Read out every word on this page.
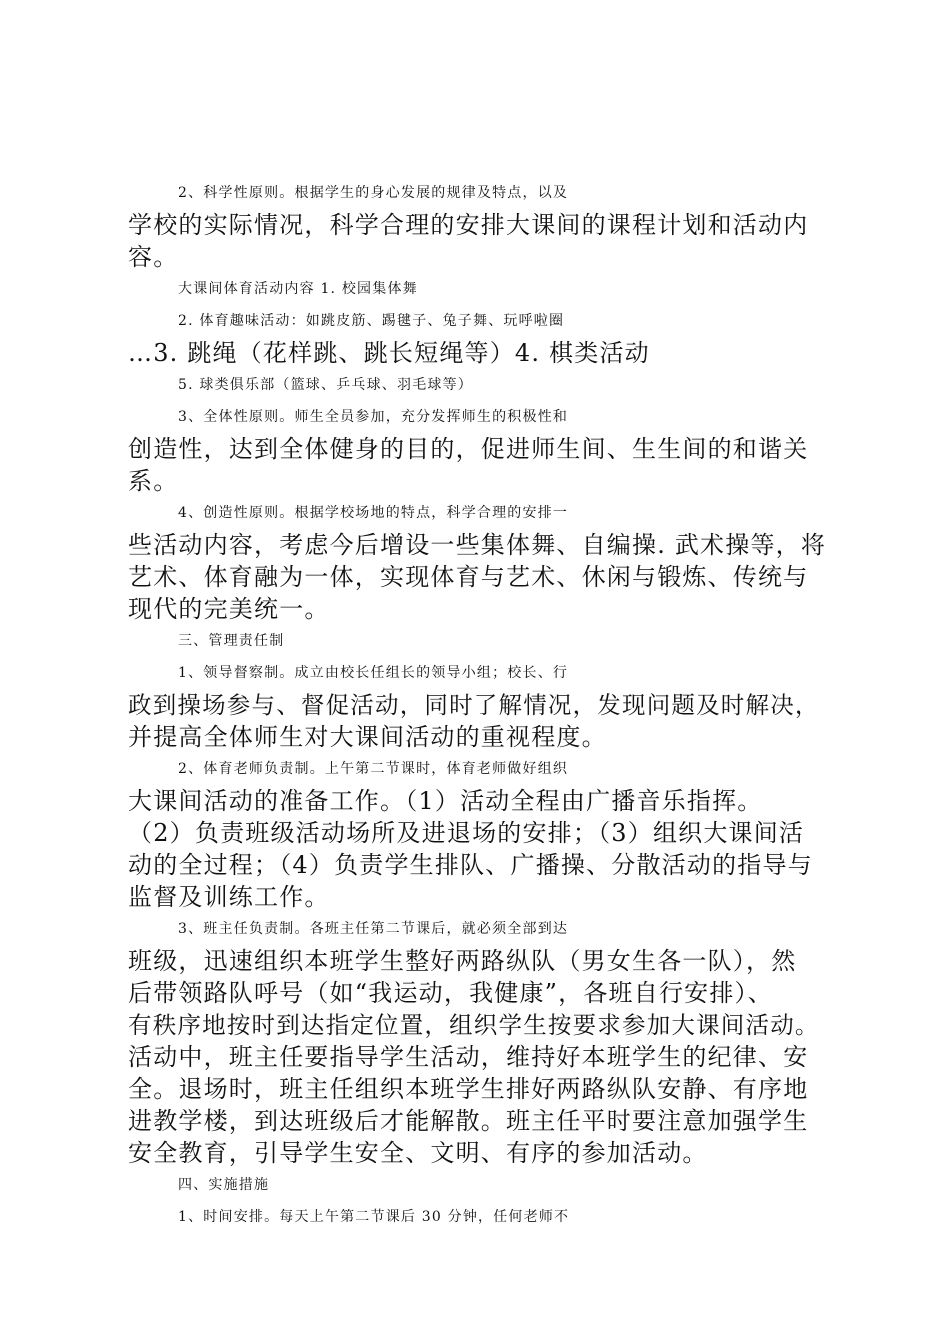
2、科学性原则。根据学生的身心发展的规律及特点，以及
学校的实际情况，科学合理的安排大课间的课程计划和活动内
容。
大课间体育活动内容 1. 校园集体舞
2. 体育趣味活动：如跳皮筋、踢毽子、兔子舞、玩呼啦圈
…3. 跳绳（花样跳、跳长短绳等）4. 棋类活动
5. 球类俱乐部（篮球、乒乓球、羽毛球等）
3、全体性原则。师生全员参加，充分发挥师生的积极性和
创造性，达到全体健身的目的，促进师生间、生生间的和谐关
系。
4、创造性原则。根据学校场地的特点，科学合理的安排一
些活动内容，考虑今后增设一些集体舞、自编操. 武术操等，将
艺术、体育融为一体，实现体育与艺术、休闲与锻炼、传统与
现代的完美统一。
三、管理责任制
1、领导督察制。成立由校长任组长的领导小组；校长、行
政到操场参与、督促活动，同时了解情况，发现问题及时解决，
并提高全体师生对大课间活动的重视程度。
2、体育老师负责制。上午第二节课时，体育老师做好组织
大课间活动的准备工作。（1）活动全程由广播音乐指挥。
（2）负责班级活动场所及进退场的安排；（3）组织大课间活
动的全过程；（4）负责学生排队、广播操、分散活动的指导与
监督及训练工作。
3、班主任负责制。各班主任第二节课后，就必须全部到达
班级，迅速组织本班学生整好两路纵队（男女生各一队），然
后带领路队呼号（如“我运动，我健康”，各班自行安排）、
有秩序地按时到达指定位置，组织学生按要求参加大课间活动。
活动中，班主任要指导学生活动，维持好本班学生的纪律、安
全。退场时，班主任组织本班学生排好两路纵队安静、有序地
进教学楼，到达班级后才能解散。班主任平时要注意加强学生
安全教育，引导学生安全、文明、有序的参加活动。
四、实施措施
1、时间安排。每天上午第二节课后 30 分钟，任何老师不
